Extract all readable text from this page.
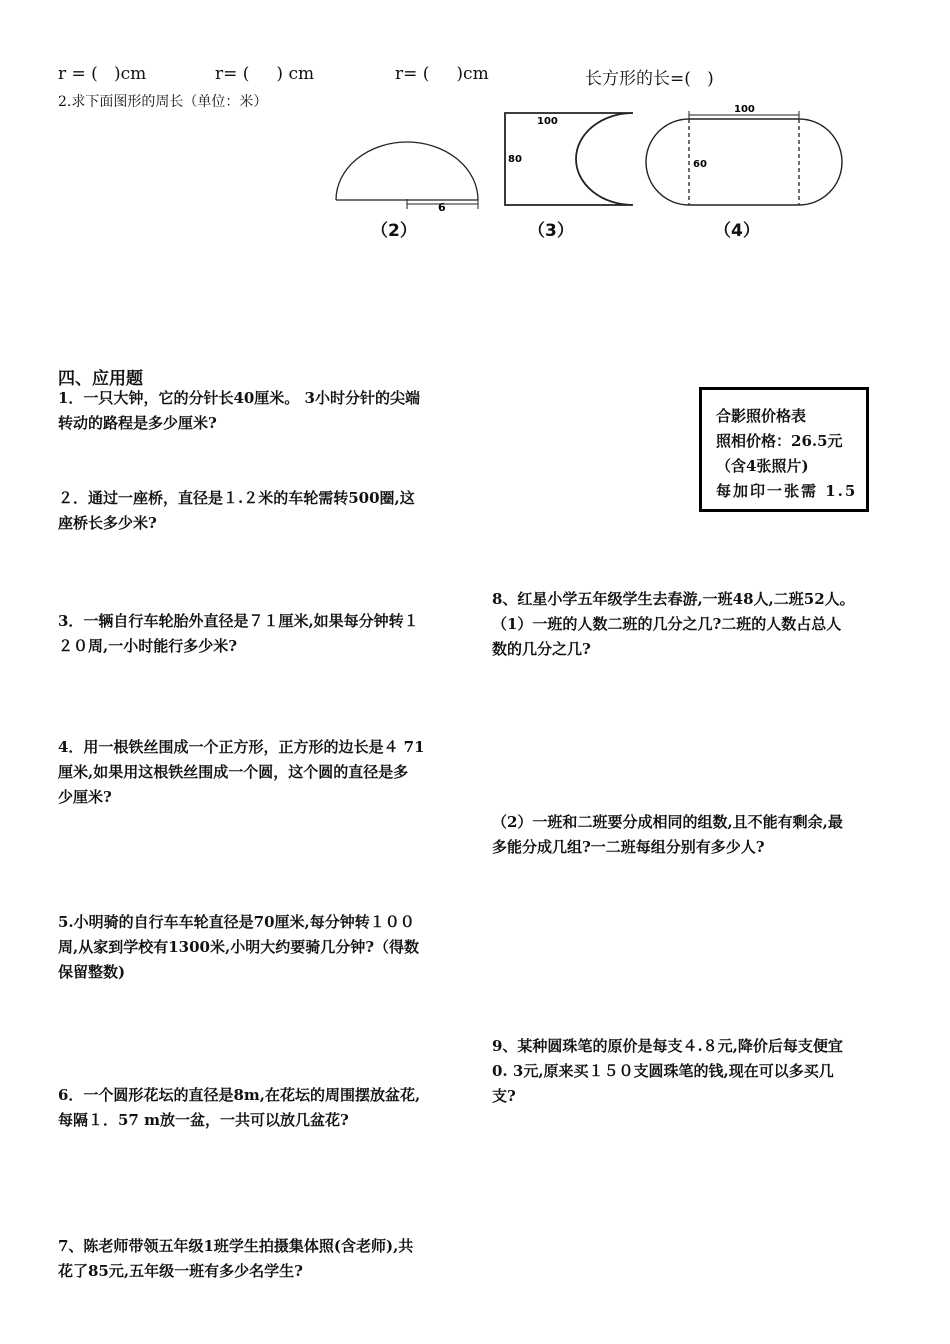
r = (   )cm	r= (     ) cm	r= (     )cm	长方形的长=(   )
2.求下面图形的周长（单位：米）
6
100
80
100
60
（2）	（3）	（4）
四、应用题
1．一只大钟，它的分针长40厘米。 3小时分针的尖端
转动的路程是多少厘米?
２．通过一座桥，直径是１.２米的车轮需转500圈,这
座桥长多少米?
3．一辆自行车轮胎外直径是７１厘米,如果每分钟转１
２０周,一小时能行多少米?
4．用一根铁丝围成一个正方形，正方形的边长是４ 71
厘米,如果用这根铁丝围成一个圆，这个圆的直径是多
少厘米?
5.小明骑的自行车车轮直径是70厘米,每分钟转１００
周,从家到学校有1300米,小明大约要骑几分钟?（得数
保留整数)
6．一个圆形花坛的直径是8m,在花坛的周围摆放盆花,
每隔１．57 m放一盆，一共可以放几盆花?
7、陈老师带领五年级1班学生拍摄集体照(含老师),共
花了85元,五年级一班有多少名学生?
合影照价格表
照相价格：26.5元
（含4张照片)
每加印一张需 1.5
8、红星小学五年级学生去春游,一班48人,二班52人。
（1）一班的人数二班的几分之几?二班的人数占总人
数的几分之几?
（2）一班和二班要分成相同的组数,且不能有剩余,最
多能分成几组?一二班每组分别有多少人?
9、某种圆珠笔的原价是每支４.８元,降价后每支便宜
0. 3元,原来买１５０支圆珠笔的钱,现在可以多买几
支?
